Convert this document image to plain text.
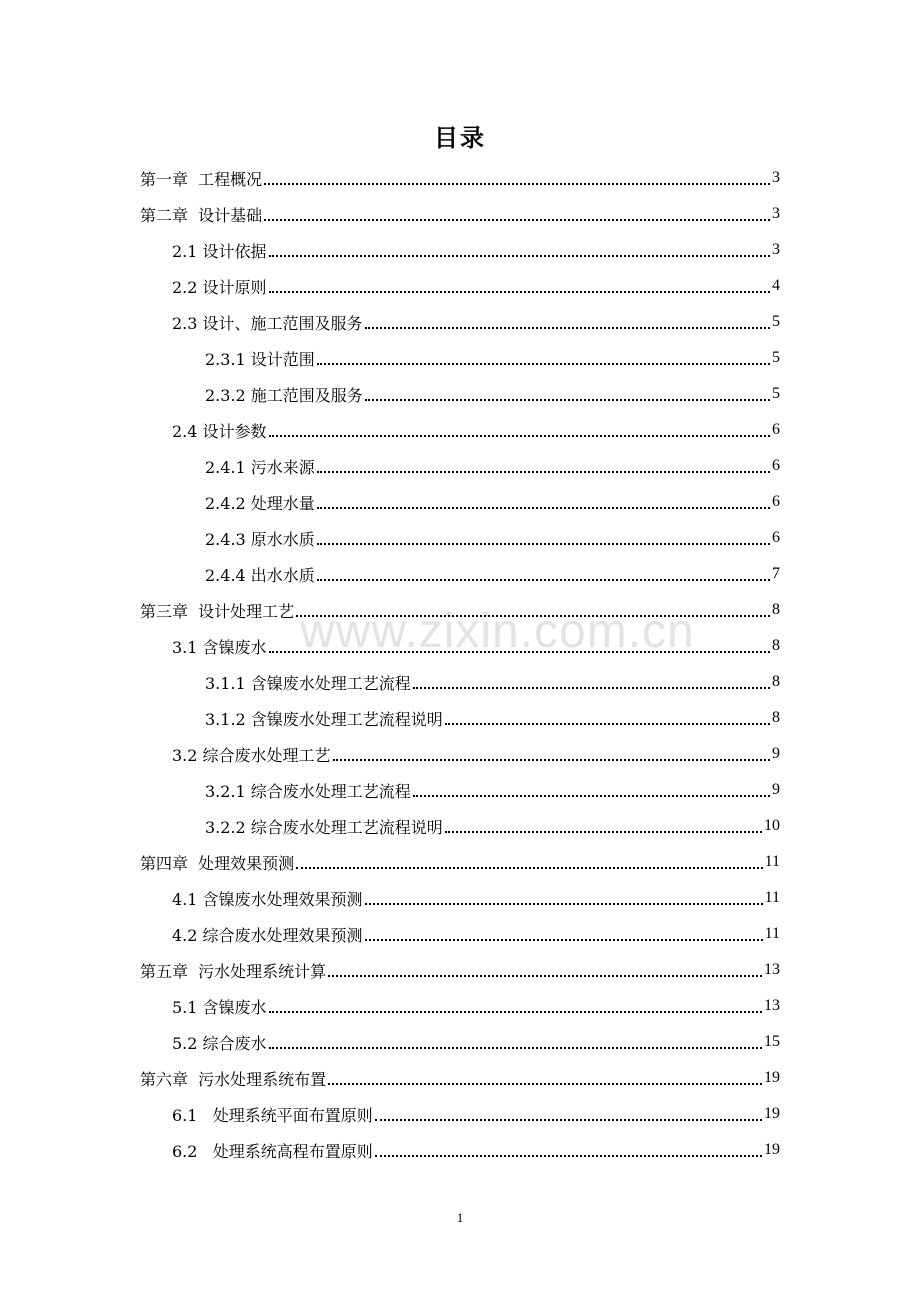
目录
www.zixin.com.cn
第一章  工程概况	3
第二章  设计基础	3
2.1 设计依据	3
2.2 设计原则	4
2.3 设计、施工范围及服务	5
2.3.1 设计范围	5
2.3.2 施工范围及服务	5
2.4 设计参数	6
2.4.1 污水来源	6
2.4.2 处理水量	6
2.4.3 原水水质	6
2.4.4 出水水质	7
第三章  设计处理工艺	8
3.1 含镍废水	8
3.1.1 含镍废水处理工艺流程	8
3.1.2 含镍废水处理工艺流程说明	8
3.2 综合废水处理工艺	9
3.2.1 综合废水处理工艺流程	9
3.2.2 综合废水处理工艺流程说明	10
第四章  处理效果预测	11
4.1 含镍废水处理效果预测	11
4.2 综合废水处理效果预测	11
第五章  污水处理系统计算	13
5.1 含镍废水	13
5.2 综合废水	15
第六章  污水处理系统布置	19
6.1   处理系统平面布置原则	19
6.2   处理系统高程布置原则	19
1
